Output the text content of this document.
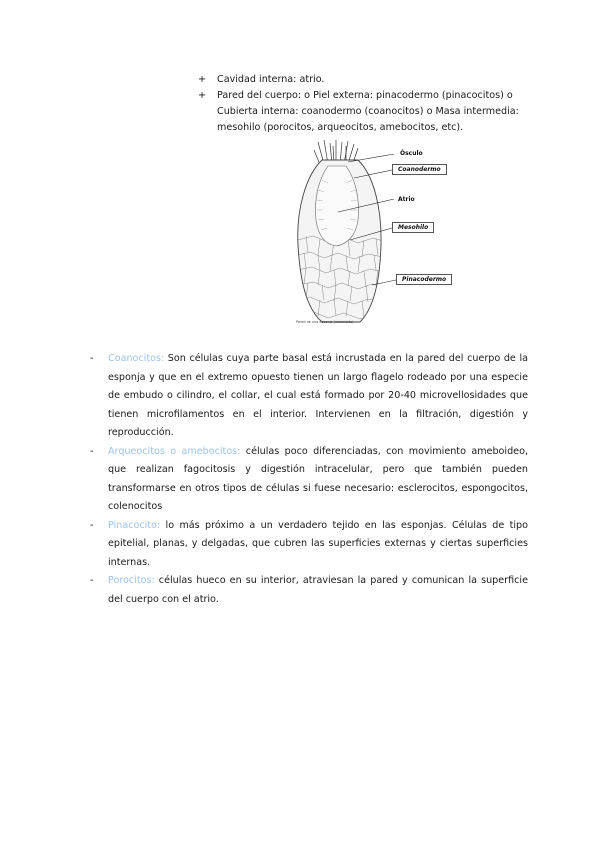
+ Cavidad interna: atrio.
+ Pared del cuerpo: o Piel externa: pinacodermo (pinacocitos) o Cubierta interna: coanodermo (coanocitos) o Masa intermedia: mesohilo (porocitos, arqueocitos, amebocitos, etc).
Ósculo
Coanodermo
Atrio
Mesohilo
Pinacodermo
Pared de una esponja (asconoide)
- Coanocitos: Son células cuya parte basal está incrustada en la pared del cuerpo de la esponja y que en el extremo opuesto tienen un largo flagelo rodeado por una especie de embudo o cilindro, el collar, el cual está formado por 20-40 microvellosidades que tienen microfilamentos en el interior. Intervienen en la filtración, digestión y reproducción.
- Arqueocitos o amebocitos: células poco diferenciadas, con movimiento ameboideo, que realizan fagocitosis y digestión intracelular, pero que también pueden transformarse en otros tipos de células si fuese necesario: esclerocitos, espongocitos, colenocitos
- Pinacocito: lo más próximo a un verdadero tejido en las esponjas. Células de tipo epitelial, planas, y delgadas, que cubren las superficies externas y ciertas superficies internas.
- Porocitos: células hueco en su interior, atraviesan la pared y comunican la superficie del cuerpo con el atrio.
